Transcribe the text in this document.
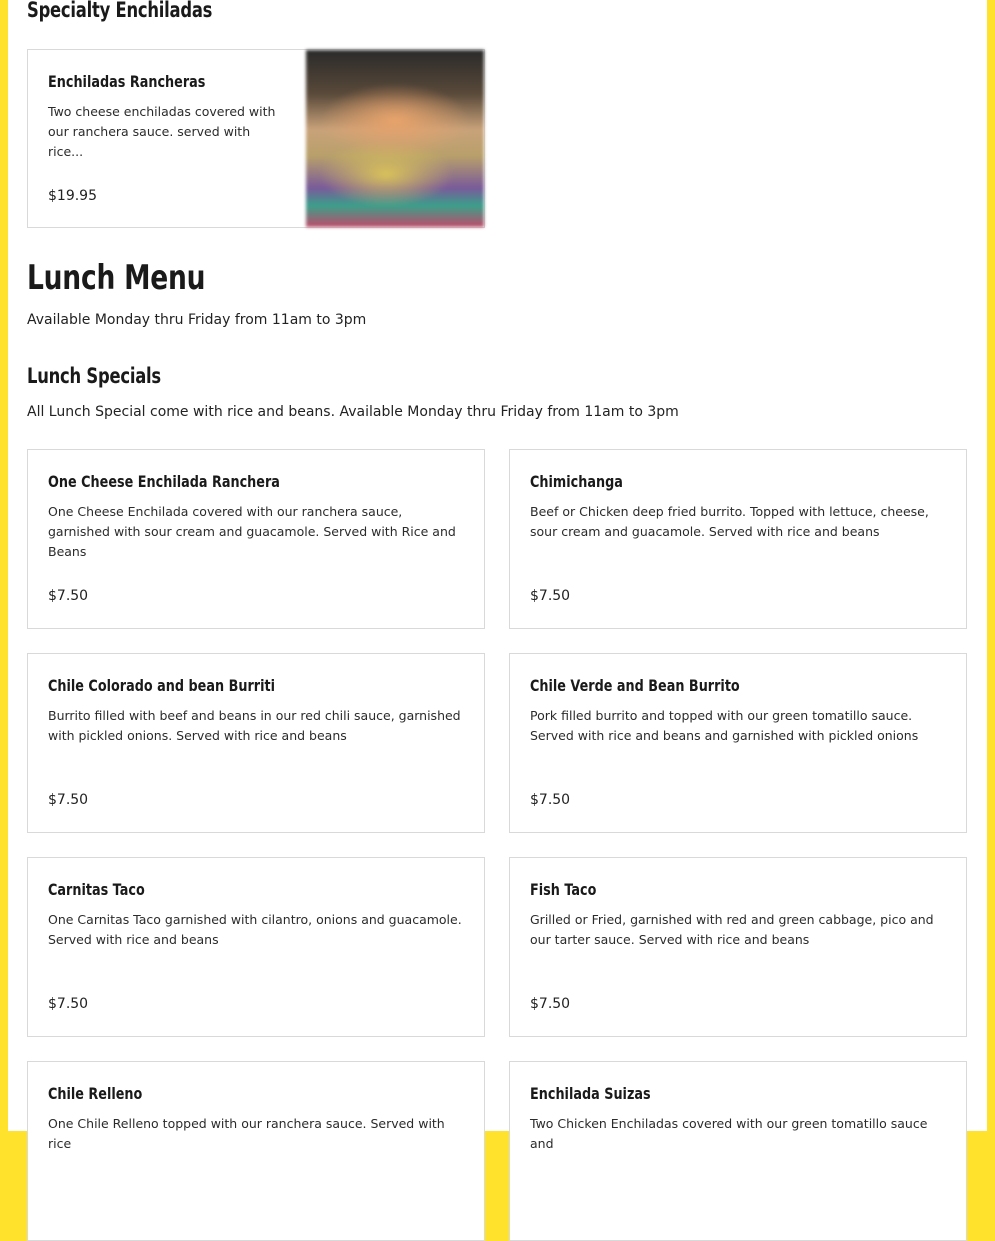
Specialty Enchiladas
Enchiladas Rancheras
Two cheese enchiladas covered with our ranchera sauce. served with rice...
$19.95
Lunch Menu
Available Monday thru Friday from 11am to 3pm
Lunch Specials
All Lunch Special come with rice and beans. Available Monday thru Friday from 11am to 3pm
One Cheese Enchilada Ranchera
One Cheese Enchilada covered with our ranchera sauce, garnished with sour cream and guacamole. Served with Rice and Beans
$7.50
Chimichanga
Beef or Chicken deep fried burrito. Topped with lettuce, cheese, sour cream and guacamole. Served with rice and beans
$7.50
Chile Colorado and bean Burriti
Burrito filled with beef and beans in our red chili sauce, garnished with pickled onions. Served with rice and beans
$7.50
Chile Verde and Bean Burrito
Pork filled burrito and topped with our green tomatillo sauce. Served with rice and beans and garnished with pickled onions
$7.50
Carnitas Taco
One Carnitas Taco garnished with cilantro, onions and guacamole. Served with rice and beans
$7.50
Fish Taco
Grilled or Fried, garnished with red and green cabbage, pico and our tarter sauce. Served with rice and beans
$7.50
Chile Relleno
One Chile Relleno topped with our ranchera sauce. Served with rice
Enchilada Suizas
Two Chicken Enchiladas covered with our green tomatillo sauce and
